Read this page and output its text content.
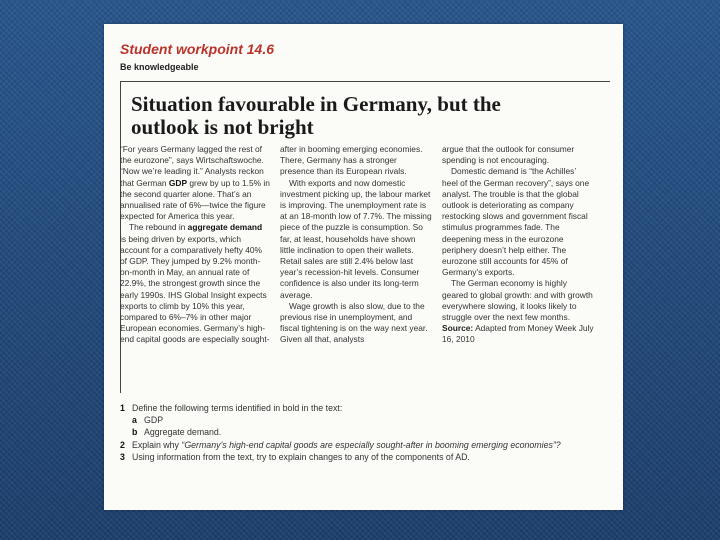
Student workpoint 14.6
Be knowledgeable
Situation favourable in Germany, but the outlook is not bright

“For years Germany lagged the rest of the eurozone”, says Wirtschaftswoche. “Now we’re leading it.” Analysts reckon that German GDP grew by up to 1.5% in the second quarter alone. That’s an annualised rate of 6%—twice the figure expected for America this year.

The rebound in aggregate demand is being driven by exports, which account for a comparatively hefty 40% of GDP. They jumped by 9.2% month-on-month in May, an annual rate of 22.9%, the strongest growth since the early 1990s. IHS Global Insight expects exports to climb by 10% this year, compared to 6%–7% in other major European economies. Germany’s high-end capital goods are especially sought-

after in booming emerging economies. There, Germany has a stronger presence than its European rivals.

With exports and now domestic investment picking up, the labour market is improving. The unemployment rate is at an 18-month low of 7.7%. The missing piece of the puzzle is consumption. So far, at least, households have shown little inclination to open their wallets. Retail sales are still 2.4% below last year’s recession-hit levels. Consumer confidence is also under its long-term average.

Wage growth is also slow, due to the previous rise in unemployment, and fiscal tightening is on the way next year. Given all that, analysts

argue that the outlook for consumer spending is not encouraging.

Domestic demand is “the Achilles’ heel of the German recovery”, says one analyst. The trouble is that the global outlook is deteriorating as company restocking slows and government fiscal stimulus programmes fade. The deepening mess in the eurozone periphery doesn’t help either. The eurozone still accounts for 45% of Germany’s exports.

The German economy is highly geared to global growth: and with growth everywhere slowing, it looks likely to struggle over the next few months.

Source: Adapted from Money Week July 16, 2010

1 Define the following terms identified in bold in the text:
a GDP
b Aggregate demand.
2 Explain why “Germany’s high-end capital goods are especially sought-after in booming emerging economies”?
3 Using information from the text, try to explain changes to any of the components of AD.
